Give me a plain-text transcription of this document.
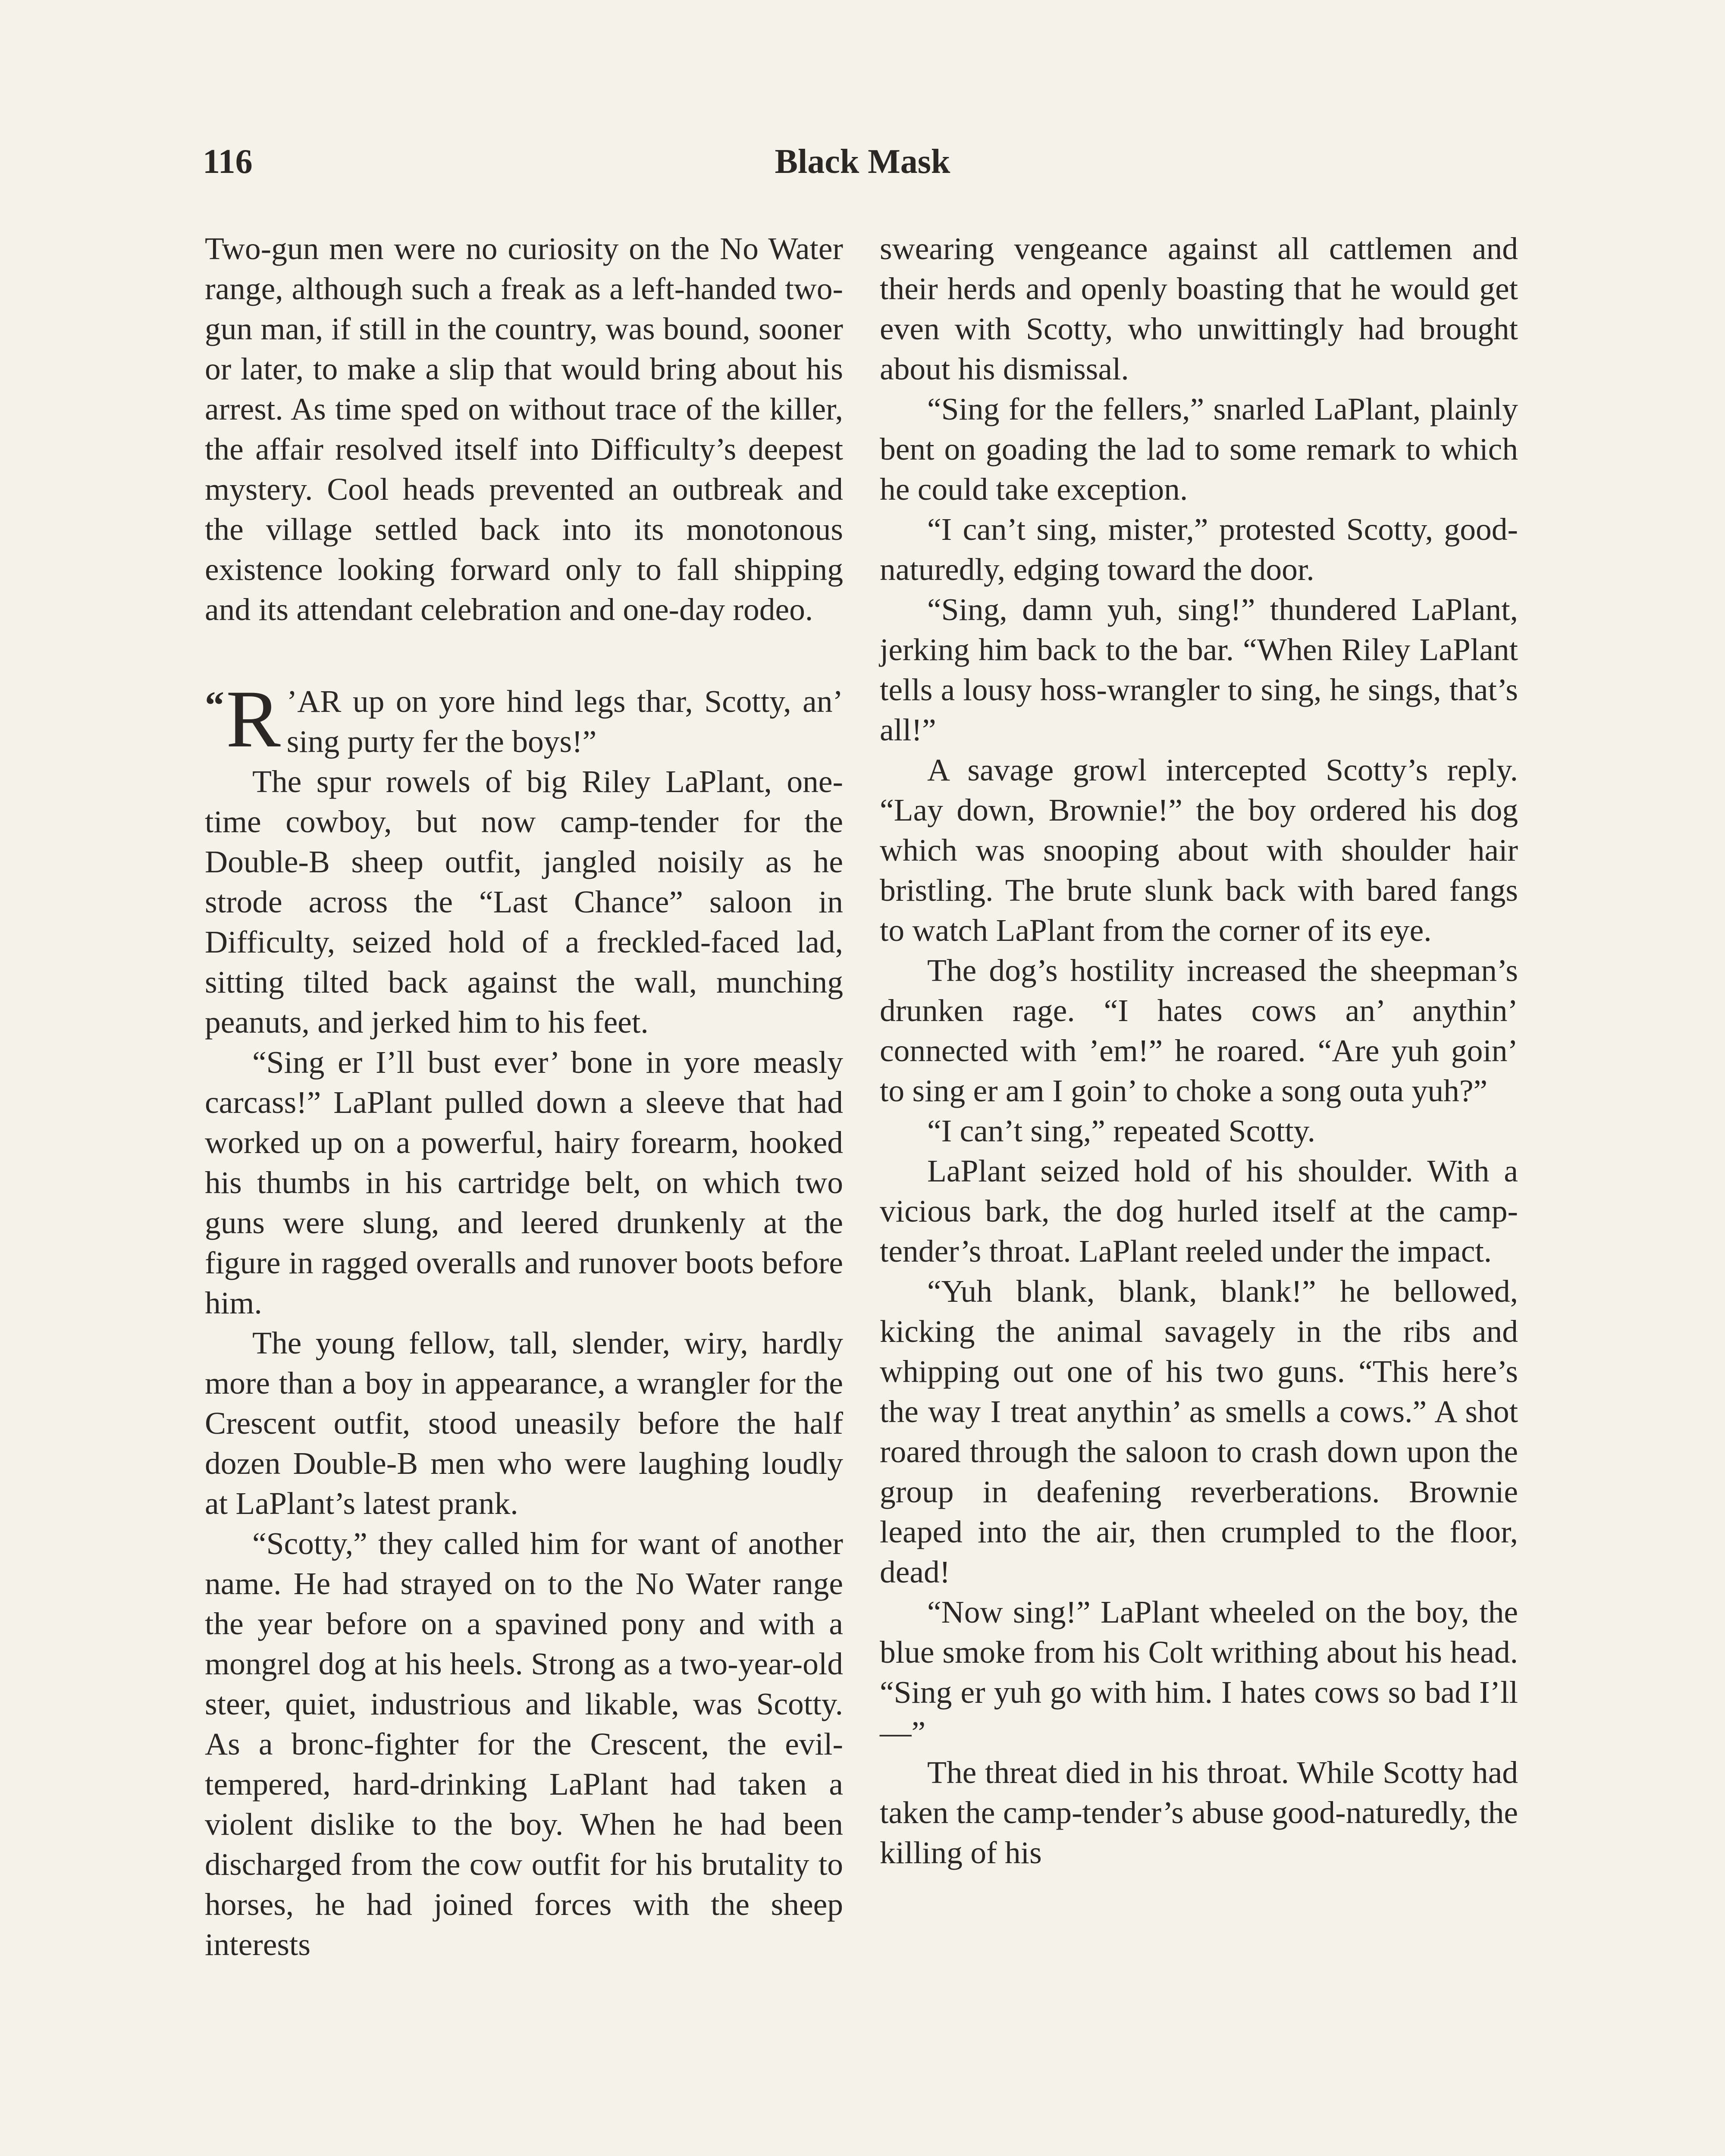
116	Black Mask

Two-gun men were no curiosity on the No Water range, although such a freak as a left-handed two-gun man, if still in the country, was bound, sooner or later, to make a slip that would bring about his arrest. As time sped on without trace of the killer, the affair resolved itself into Difficulty’s deepest mystery. Cool heads prevented an outbreak and the village settled back into its monotonous existence looking forward only to fall shipping and its attendant celebration and one-day rodeo.

“ R ’AR up on yore hind legs thar, Scotty, an’ sing purty fer the boys!”

The spur rowels of big Riley LaPlant, one-time cowboy, but now camp-tender for the Double-B sheep outfit, jangled noisily as he strode across the “Last Chance” saloon in Difficulty, seized hold of a freckled-faced lad, sitting tilted back against the wall, munching peanuts, and jerked him to his feet.

“Sing er I’ll bust ever’ bone in yore measly carcass!” LaPlant pulled down a sleeve that had worked up on a powerful, hairy forearm, hooked his thumbs in his cartridge belt, on which two guns were slung, and leered drunkenly at the figure in ragged overalls and runover boots before him.

The young fellow, tall, slender, wiry, hardly more than a boy in appearance, a wrangler for the Crescent outfit, stood uneasily before the half dozen Double-B men who were laughing loudly at LaPlant’s latest prank.

“Scotty,” they called him for want of another name. He had strayed on to the No Water range the year before on a spavined pony and with a mongrel dog at his heels. Strong as a two-year-old steer, quiet, industrious and likable, was Scotty. As a bronc-fighter for the Crescent, the evil-tempered, hard-drinking LaPlant had taken a violent dislike to the boy. When he had been discharged from the cow outfit for his brutality to horses, he had joined forces with the sheep interests

swearing vengeance against all cattlemen and their herds and openly boasting that he would get even with Scotty, who unwittingly had brought about his dismissal.

“Sing for the fellers,” snarled LaPlant, plainly bent on goading the lad to some remark to which he could take exception.

“I can’t sing, mister,” protested Scotty, good-naturedly, edging toward the door.

“Sing, damn yuh, sing!” thundered LaPlant, jerking him back to the bar. “When Riley LaPlant tells a lousy hoss-wrangler to sing, he sings, that’s all!”

A savage growl intercepted Scotty’s reply. “Lay down, Brownie!” the boy ordered his dog which was snooping about with shoulder hair bristling. The brute slunk back with bared fangs to watch LaPlant from the corner of its eye.

The dog’s hostility increased the sheepman’s drunken rage. “I hates cows an’ anythin’ connected with ’em!” he roared. “Are yuh goin’ to sing er am I goin’ to choke a song outa yuh?”

“I can’t sing,” repeated Scotty.

LaPlant seized hold of his shoulder. With a vicious bark, the dog hurled itself at the camp-tender’s throat. LaPlant reeled under the impact.

“Yuh blank, blank, blank!” he bellowed, kicking the animal savagely in the ribs and whipping out one of his two guns. “This here’s the way I treat anythin’ as smells a cows.” A shot roared through the saloon to crash down upon the group in deafening reverberations. Brownie leaped into the air, then crumpled to the floor, dead!

“Now sing!” LaPlant wheeled on the boy, the blue smoke from his Colt writhing about his head. “Sing er yuh go with him. I hates cows so bad I’ll—”

The threat died in his throat. While Scotty had taken the camp-tender’s abuse good-naturedly, the killing of his
